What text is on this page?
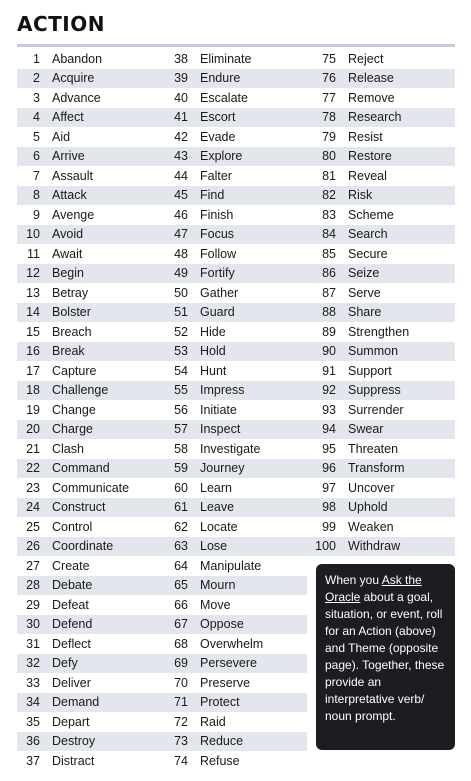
ACTION
1 Abandon
2 Acquire
3 Advance
4 Affect
5 Aid
6 Arrive
7 Assault
8 Attack
9 Avenge
10 Avoid
11 Await
12 Begin
13 Betray
14 Bolster
15 Breach
16 Break
17 Capture
18 Challenge
19 Change
20 Charge
21 Clash
22 Command
23 Communicate
24 Construct
25 Control
26 Coordinate
27 Create
28 Debate
29 Defeat
30 Defend
31 Deflect
32 Defy
33 Deliver
34 Demand
35 Depart
36 Destroy
37 Distract
38 Eliminate
39 Endure
40 Escalate
41 Escort
42 Evade
43 Explore
44 Falter
45 Find
46 Finish
47 Focus
48 Follow
49 Fortify
50 Gather
51 Guard
52 Hide
53 Hold
54 Hunt
55 Impress
56 Initiate
57 Inspect
58 Investigate
59 Journey
60 Learn
61 Leave
62 Locate
63 Lose
64 Manipulate
65 Mourn
66 Move
67 Oppose
68 Overwhelm
69 Persevere
70 Preserve
71 Protect
72 Raid
73 Reduce
74 Refuse
75 Reject
76 Release
77 Remove
78 Research
79 Resist
80 Restore
81 Reveal
82 Risk
83 Scheme
84 Search
85 Secure
86 Seize
87 Serve
88 Share
89 Strengthen
90 Summon
91 Support
92 Suppress
93 Surrender
94 Swear
95 Threaten
96 Transform
97 Uncover
98 Uphold
99 Weaken
100 Withdraw
When you Ask the Oracle about a goal, situation, or event, roll for an Action (above) and Theme (opposite page). Together, these provide an interpretative verb/ noun prompt.
